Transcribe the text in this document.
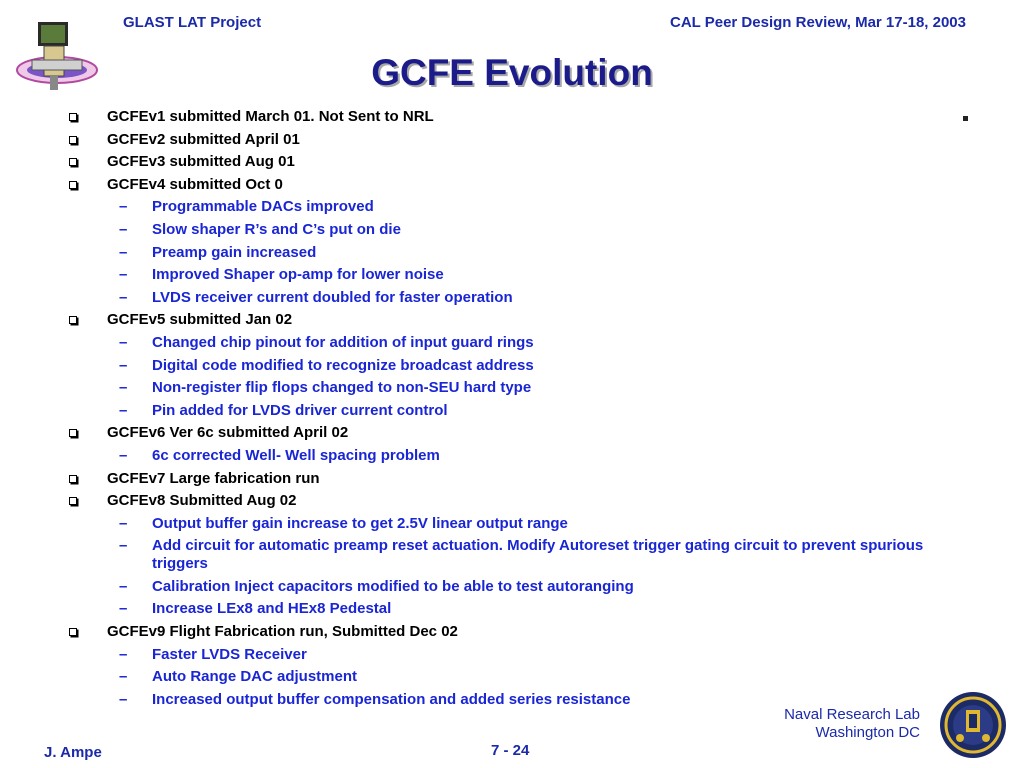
GLAST LAT Project	CAL Peer Design Review, Mar 17-18, 2003
GCFE Evolution
GCFEv1 submitted March 01. Not Sent to NRL
GCFEv2 submitted April 01
GCFEv3 submitted Aug 01
GCFEv4 submitted Oct 0
– Programmable DACs improved
– Slow shaper R’s and C’s put on die
– Preamp gain increased
– Improved Shaper op-amp for lower noise
– LVDS receiver current doubled for faster operation
GCFEv5 submitted Jan 02
– Changed chip pinout for addition of input guard rings
– Digital code modified to recognize broadcast address
– Non-register flip flops changed to non-SEU hard type
– Pin added for LVDS driver current control
GCFEv6 Ver 6c submitted April 02
– 6c corrected Well- Well spacing problem
GCFEv7 Large fabrication run
GCFEv8 Submitted Aug 02
– Output buffer gain increase to get 2.5V linear output range
– Add circuit for automatic preamp reset actuation. Modify Autoreset trigger gating circuit to prevent spurious triggers
– Calibration Inject capacitors modified to be able to test autoranging
– Increase LEx8 and HEx8 Pedestal
GCFEv9 Flight Fabrication run, Submitted Dec 02
– Faster LVDS Receiver
– Auto Range DAC adjustment
– Increased output buffer compensation and added series resistance
J. Ampe	7 - 24
Naval Research Lab
Washington DC
